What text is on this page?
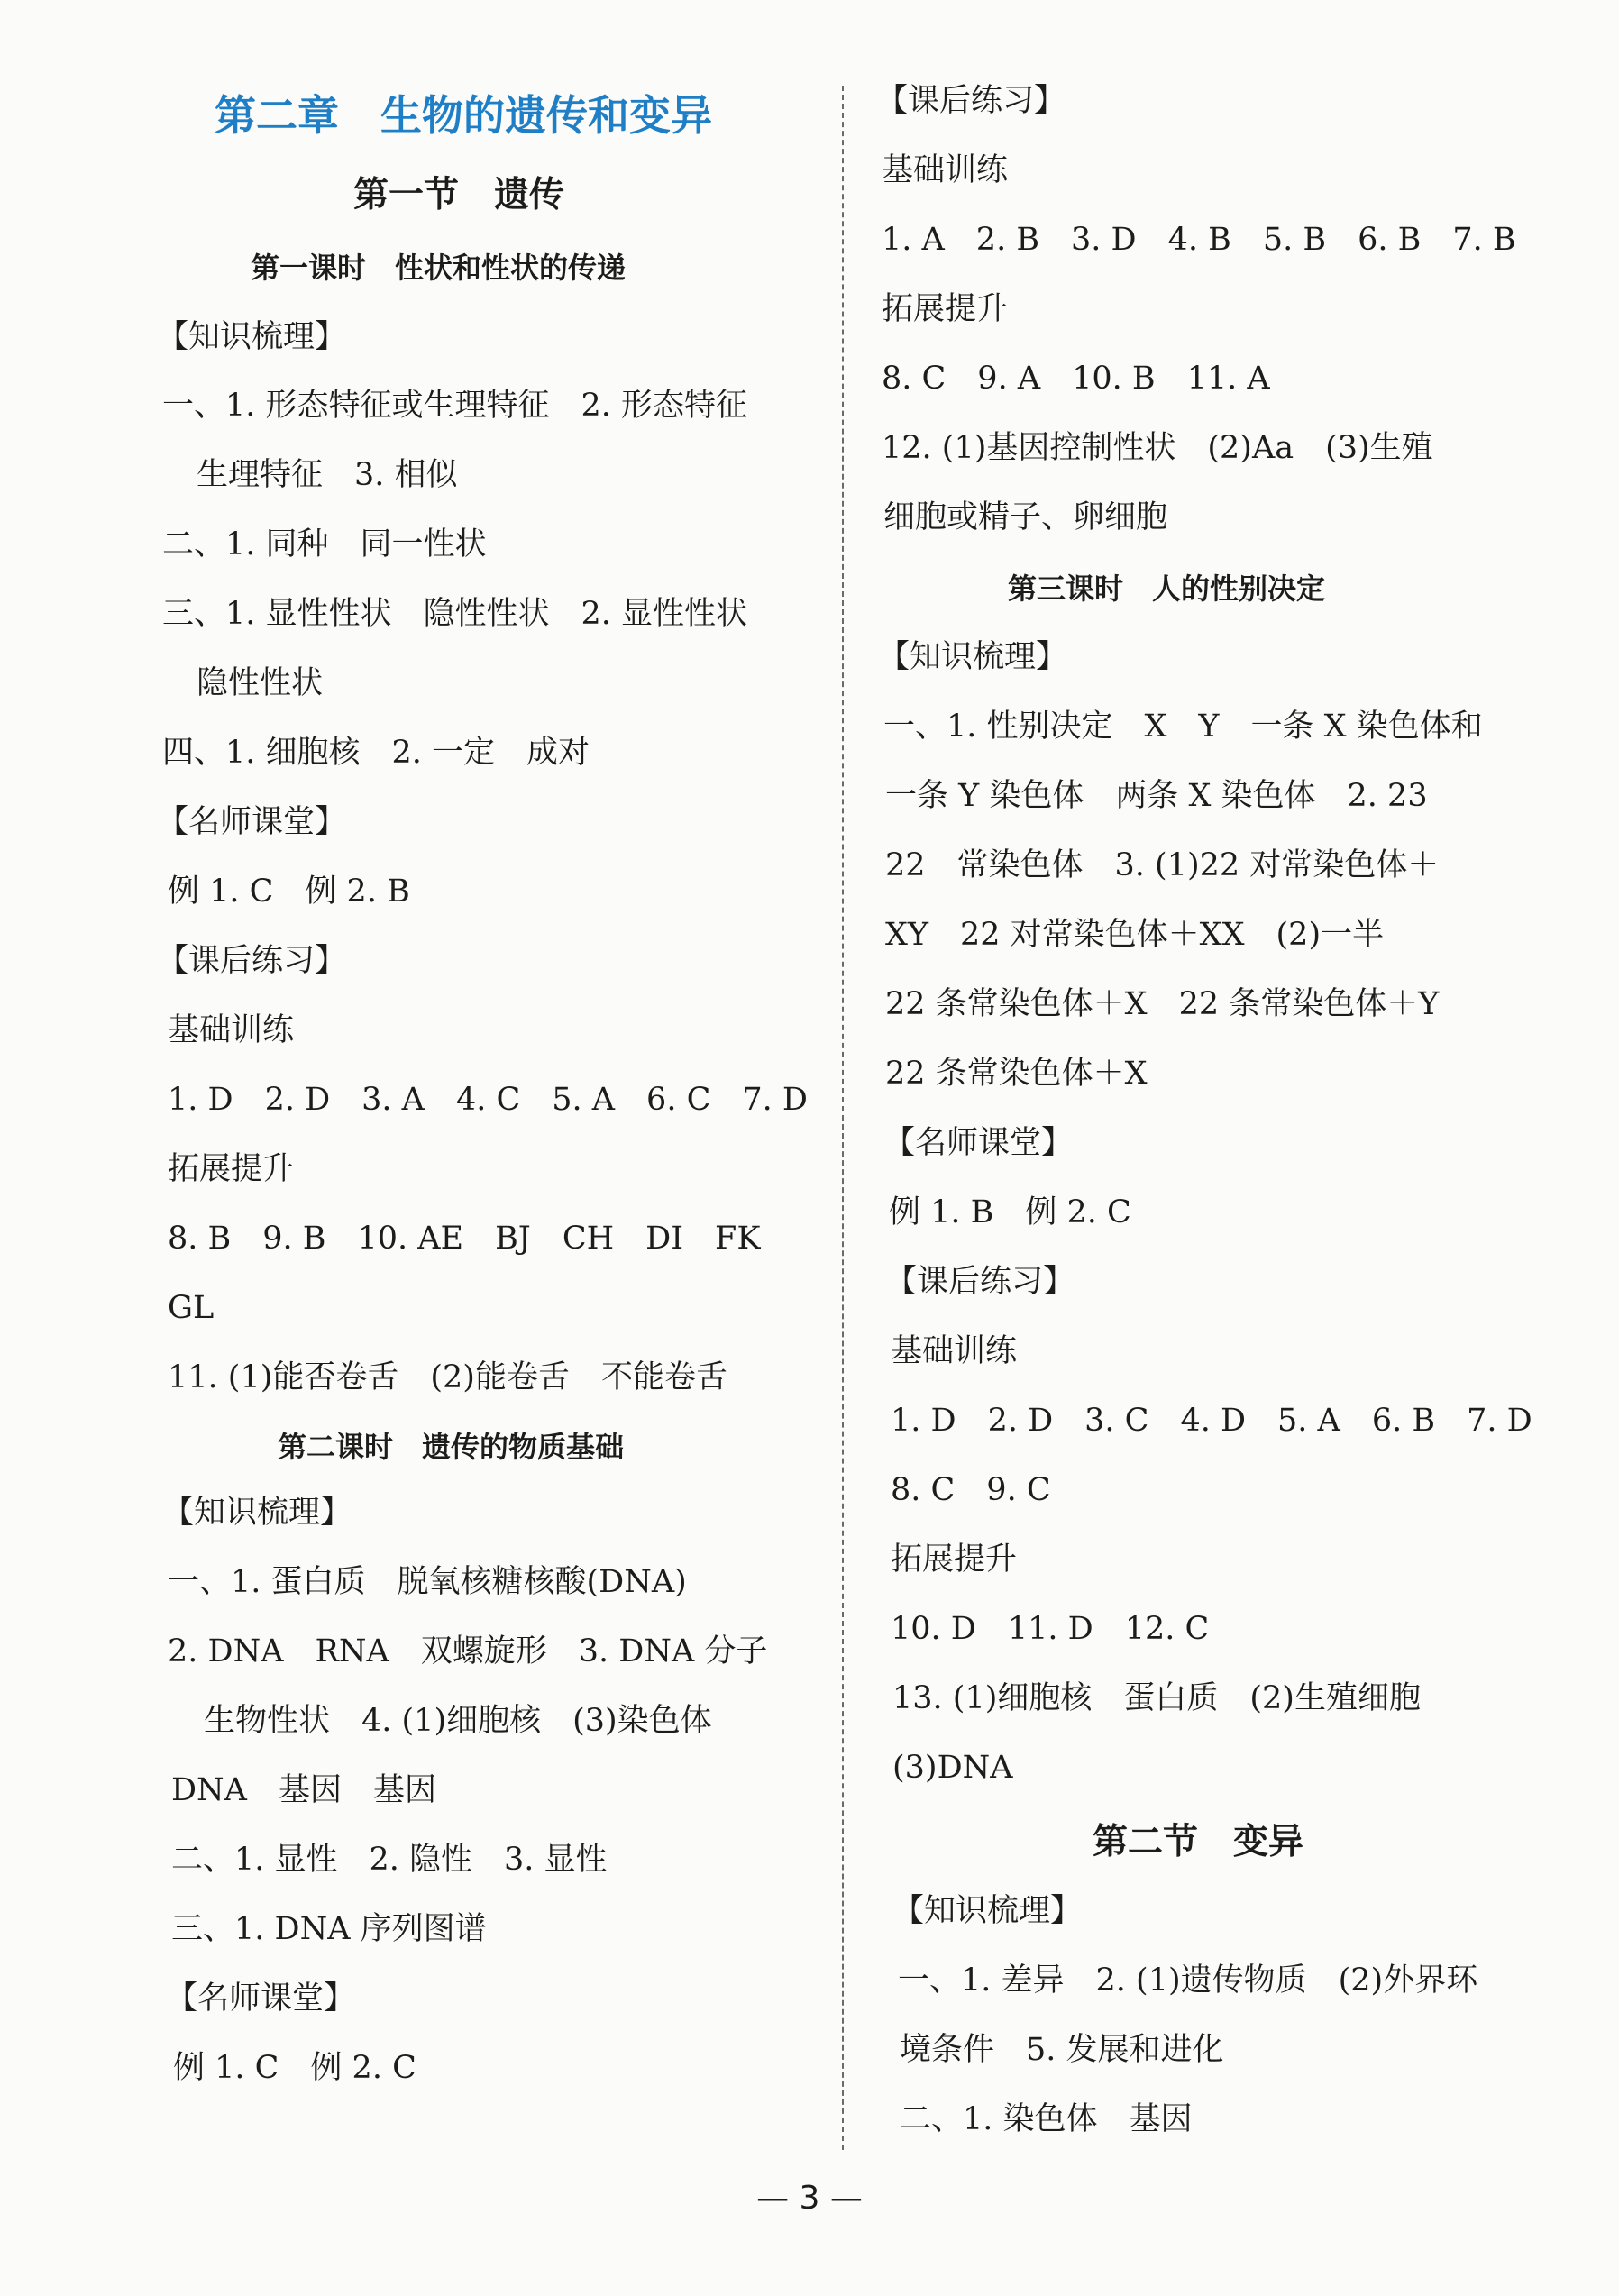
第二章　生物的遗传和变异
第一节　遗传
第一课时　性状和性状的传递
【知识梳理】
一、1. 形态特征或生理特征　2. 形态特征
生理特征　3. 相似
二、1. 同种　同一性状
三、1. 显性性状　隐性性状　2. 显性性状
隐性性状
四、1. 细胞核　2. 一定　成对
【名师课堂】
例 1. C　例 2. B
【课后练习】
基础训练
1. D　2. D　3. A　4. C　5. A　6. C　7. D
拓展提升
8. B　9. B　10. AE　BJ　CH　DI　FK
GL
11. (1)能否卷舌　(2)能卷舌　不能卷舌
第二课时　遗传的物质基础
【知识梳理】
一、1. 蛋白质　脱氧核糖核酸(DNA)
2. DNA　RNA　双螺旋形　3. DNA 分子
生物性状　4. (1)细胞核　(3)染色体
DNA　基因　基因
二、1. 显性　2. 隐性　3. 显性
三、1. DNA 序列图谱
【名师课堂】
例 1. C　例 2. C
【课后练习】
基础训练
1. A　2. B　3. D　4. B　5. B　6. B　7. B
拓展提升
8. C　9. A　10. B　11. A
12. (1)基因控制性状　(2)Aa　(3)生殖
细胞或精子、卵细胞
第三课时　人的性别决定
【知识梳理】
一、1. 性别决定　X　Y　一条 X 染色体和
一条 Y 染色体　两条 X 染色体　2. 23
22　常染色体　3. (1)22 对常染色体＋
XY　22 对常染色体＋XX　(2)一半
22 条常染色体＋X　22 条常染色体＋Y
22 条常染色体＋X
【名师课堂】
例 1. B　例 2. C
【课后练习】
基础训练
1. D　2. D　3. C　4. D　5. A　6. B　7. D
8. C　9. C
拓展提升
10. D　11. D　12. C
13. (1)细胞核　蛋白质　(2)生殖细胞
(3)DNA
第二节　变异
【知识梳理】
一、1. 差异　2. (1)遗传物质　(2)外界环
境条件　5. 发展和进化
二、1. 染色体　基因
— 3 —
